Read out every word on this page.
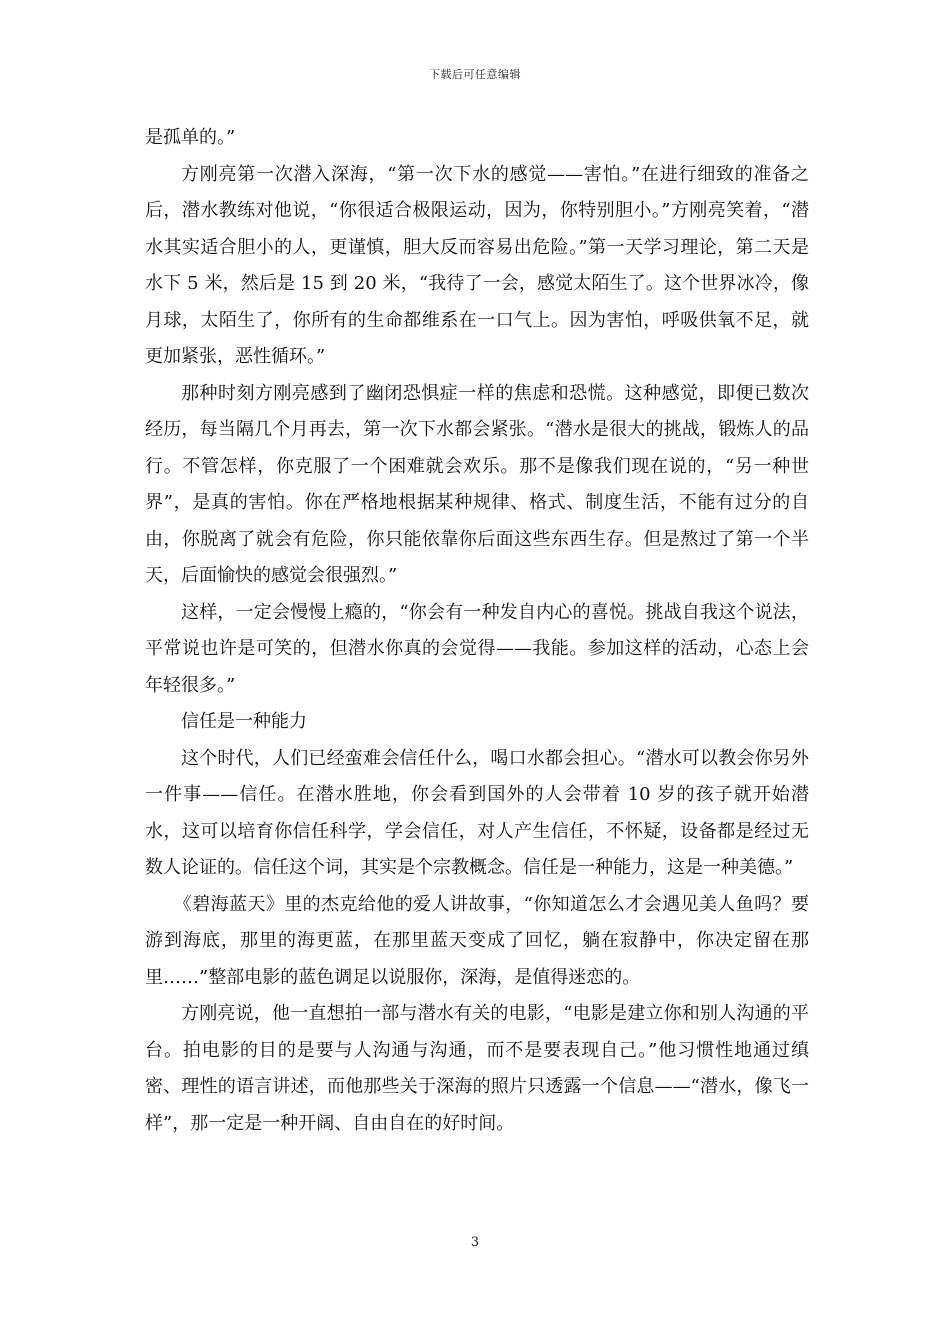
下载后可任意编辑

是孤单的。”

方刚亮第一次潜入深海，“第一次下水的感觉——害怕。”在进行细致的准备之后，潜水教练对他说，“你很适合极限运动，因为，你特别胆小。”方刚亮笑着，“潜水其实适合胆小的人，更谨慎，胆大反而容易出危险。”第一天学习理论，第二天是水下 5 米，然后是 15 到 20 米，“我待了一会，感觉太陌生了。这个世界冰冷，像月球，太陌生了，你所有的生命都维系在一口气上。因为害怕，呼吸供氧不足，就更加紧张，恶性循环。”

那种时刻方刚亮感到了幽闭恐惧症一样的焦虑和恐慌。这种感觉，即便已数次经历，每当隔几个月再去，第一次下水都会紧张。“潜水是很大的挑战，锻炼人的品行。不管怎样，你克服了一个困难就会欢乐。那不是像我们现在说的，“另一种世界”，是真的害怕。你在严格地根据某种规律、格式、制度生活，不能有过分的自由，你脱离了就会有危险，你只能依靠你后面这些东西生存。但是熬过了第一个半天，后面愉快的感觉会很强烈。”

这样，一定会慢慢上瘾的，“你会有一种发自内心的喜悦。挑战自我这个说法，平常说也许是可笑的，但潜水你真的会觉得——我能。参加这样的活动，心态上会年轻很多。”

信任是一种能力

这个时代，人们已经蛮难会信任什么，喝口水都会担心。“潜水可以教会你另外一件事——信任。在潜水胜地，你会看到国外的人会带着 10 岁的孩子就开始潜水，这可以培育你信任科学，学会信任，对人产生信任，不怀疑，设备都是经过无数人论证的。信任这个词，其实是个宗教概念。信任是一种能力，这是一种美德。”

《碧海蓝天》里的杰克给他的爱人讲故事，“你知道怎么才会遇见美人鱼吗？要游到海底，那里的海更蓝，在那里蓝天变成了回忆，躺在寂静中，你决定留在那里……”整部电影的蓝色调足以说服你，深海，是值得迷恋的。

方刚亮说，他一直想拍一部与潜水有关的电影，“电影是建立你和别人沟通的平台。拍电影的目的是要与人沟通与沟通，而不是要表现自己。”他习惯性地通过缜密、理性的语言讲述，而他那些关于深海的照片只透露一个信息——“潜水，像飞一样”，那一定是一种开阔、自由自在的好时间。

3
